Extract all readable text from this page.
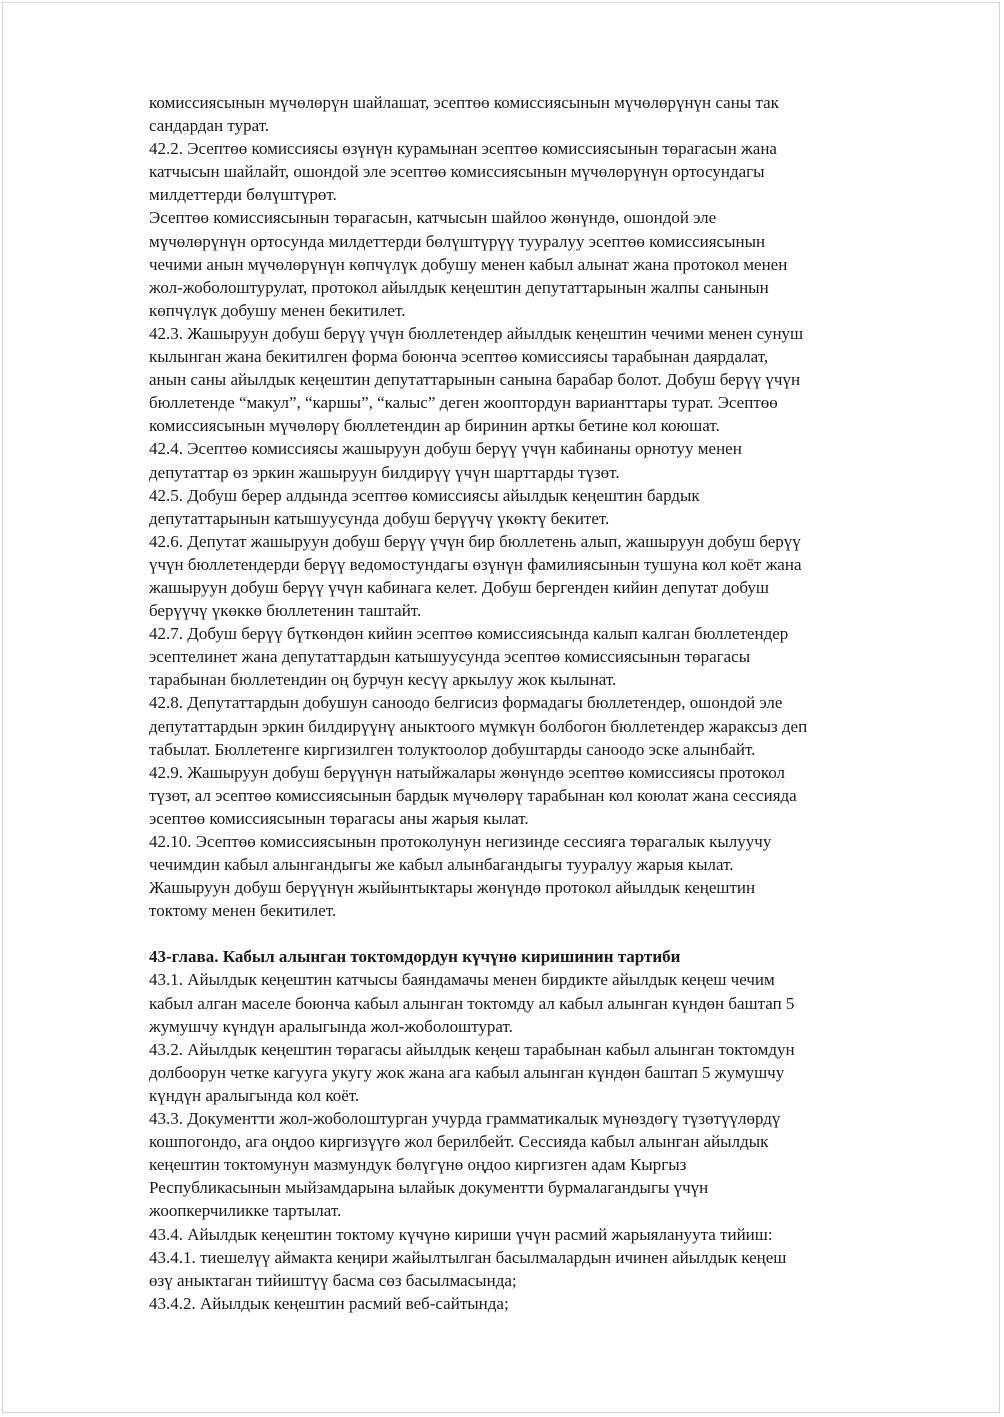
комиссиясынын мүчөлөрүн шайлашат, эсептөө комиссиясынын мүчөлөрүнүн саны так
сандардан турат.

42.2. Эсептөө комиссиясы өзүнүн курамынан эсептөө комиссиясынын төрагасын жана
катчысын шайлайт, ошондой эле эсептөө комиссиясынын мүчөлөрүнүн ортосундагы
милдеттерди бөлүштүрөт.

Эсептөө комиссиясынын төрагасын, катчысын шайлоо жөнүндө, ошондой эле
мүчөлөрүнүн ортосунда милдеттерди бөлүштүрүү тууралуу эсептөө комиссиясынын
чечими анын мүчөлөрүнүн көпчүлүк добушу менен кабыл алынат жана протокол менен
жол-жоболоштурулат, протокол айылдык кеңештин депутаттарынын жалпы санынын
көпчүлүк добушу менен бекитилет.

42.3. Жашыруун добуш берүү үчүн бюллетендер айылдык кеңештин чечими менен сунуш
кылынган жана бекитилген форма боюнча эсептөө комиссиясы тарабынан даярдалат,
анын саны айылдык кеңештин депутаттарынын санына барабар болот. Добуш берүү үчүн
бюллетенде “макул”, “каршы”, “калыс” деген жооптордун варианттары турат. Эсептөө
комиссиясынын мүчөлөрү бюллетендин ар биринин арткы бетине кол коюшат.

42.4. Эсептөө комиссиясы жашыруун добуш берүү үчүн кабинаны орнотуу менен
депутаттар өз эркин жашыруун билдирүү үчүн шарттарды түзөт.

42.5. Добуш берер алдында эсептөө комиссиясы айылдык кеңештин бардык
депутаттарынын катышуусунда добуш берүүчү үкөктү бекитет.

42.6. Депутат жашыруун добуш берүү үчүн бир бюллетень алып, жашыруун добуш берүү
үчүн бюллетендерди берүү ведомостундагы өзүнүн фамилиясынын тушуна кол коёт жана
жашыруун добуш берүү үчүн кабинага келет. Добуш бергенден кийин депутат добуш
берүүчү үкөккө бюллетенин таштайт.

42.7. Добуш берүү бүткөндөн кийин эсептөө комиссиясында калып калган бюллетендер
эсептелинет жана депутаттардын катышуусунда эсептөө комиссиясынын төрагасы
тарабынан бюллетендин оң бурчун кесүү аркылуу жок кылынат.

42.8. Депутаттардын добушун саноодо белгисиз формадагы бюллетендер, ошондой эле
депутаттардын эркин билдирүүнү аныктоого мүмкүн болбогон бюллетендер жараксыз деп
табылат. Бюллетенге киргизилген толуктоолор добуштарды саноодо эске алынбайт.

42.9. Жашыруун добуш берүүнүн натыйжалары жөнүндө эсептөө комиссиясы протокол
түзөт, ал эсептөө комиссиясынын бардык мүчөлөрү тарабынан кол коюлат жана сессияда
эсептөө комиссиясынын төрагасы аны жарыя кылат.

42.10. Эсептөө комиссиясынын протоколунун негизинде сессияга төрагалык кылуучу
чечимдин кабыл алынгандыгы же кабыл алынбагандыгы тууралуу жарыя кылат.
Жашыруун добуш берүүнүн жыйынтыктары жөнүндө протокол айылдык кеңештин
токтому менен бекитилет.

43-глава. Кабыл алынган токтомдордун күчүнө киришинин тартиби

43.1. Айылдык кеңештин катчысы баяндамачы менен бирдикте айылдык кеңеш чечим
кабыл алган маселе боюнча кабыл алынган токтомду ал кабыл алынган күндөн баштап 5
жумушчу күндүн аралыгында жол-жоболоштурат.

43.2. Айылдык кеңештин төрагасы айылдык кеңеш тарабынан кабыл алынган токтомдун
долбоорун четке кагууга укугу жок жана ага кабыл алынган күндөн баштап 5 жумушчу
күндүн аралыгында кол коёт.

43.3. Документти жол-жоболоштурган учурда грамматикалык мүнөздөгү түзөтүүлөрдү
кошпогондо, ага оңдоо киргизүүгө жол берилбейт. Сессияда кабыл алынган айылдык
кеңештин токтомунун мазмундук бөлүгүнө оңдоо киргизген адам Кыргыз
Республикасынын мыйзамдарына ылайык документти бурмалагандыгы үчүн
жоопкерчиликке тартылат.

43.4. Айылдык кеңештин токтому күчүнө кириши үчүн расмий жарыялануута тийиш:

43.4.1. тиешелүү аймакта кеңири жайылтылган басылмалардын ичинен айылдык кеңеш
өзү аныктаган тийиштүү басма сөз басылмасында;

43.4.2. Айылдык кеңештин расмий веб-сайтында;
